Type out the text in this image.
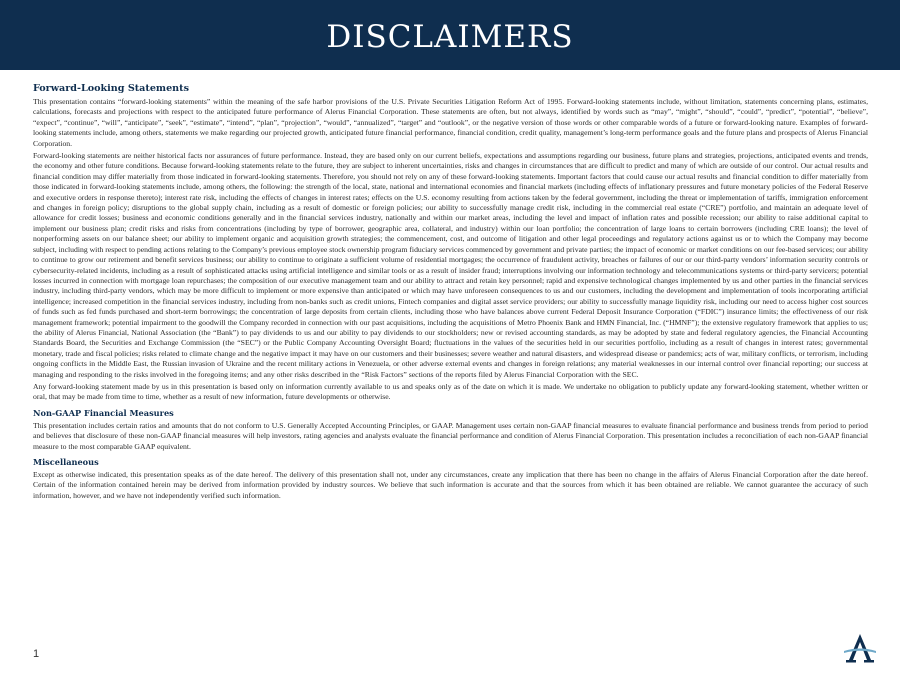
DISCLAIMERS
Forward-Looking Statements

This presentation contains “forward-looking statements” within the meaning of the safe harbor provisions of the U.S. Private Securities Litigation Reform Act of 1995. Forward-looking statements include, without limitation, statements concerning plans, estimates, calculations, forecasts and projections with respect to the anticipated future performance of Alerus Financial Corporation. These statements are often, but not always, identified by words such as “may”, “might”, “should”, “could”, “predict”, “potential”, “believe”, “expect”, “continue”, “will”, “anticipate”, “seek”, “estimate”, “intend”, “plan”, “projection”, “would”, “annualized”, “target” and “outlook”, or the negative version of those words or other comparable words of a future or forward-looking nature. Examples of forward-looking statements include, among others, statements we make regarding our projected growth, anticipated future financial performance, financial condition, credit quality, management’s long-term performance goals and the future plans and prospects of Alerus Financial Corporation.

Forward-looking statements are neither historical facts nor assurances of future performance. Instead, they are based only on our current beliefs, expectations and assumptions regarding our business, future plans and strategies, projections, anticipated events and trends, the economy and other future conditions. Because forward-looking statements relate to the future, they are subject to inherent uncertainties, risks and changes in circumstances that are difficult to predict and many of which are outside of our control. Our actual results and financial condition may differ materially from those indicated in forward-looking statements. Therefore, you should not rely on any of these forward-looking statements. Important factors that could cause our actual results and financial condition to differ materially from those indicated in forward-looking statements include, among others, the following: the strength of the local, state, national and international economies and financial markets (including effects of inflationary pressures and future monetary policies of the Federal Reserve and executive orders in response thereto); interest rate risk, including the effects of changes in interest rates; effects on the U.S. economy resulting from actions taken by the federal government, including the threat or implementation of tariffs, immigration enforcement and changes in foreign policy; disruptions to the global supply chain, including as a result of domestic or foreign policies; our ability to successfully manage credit risk, including in the commercial real estate (“CRE”) portfolio, and maintain an adequate level of allowance for credit losses; business and economic conditions generally and in the financial services industry, nationally and within our market areas, including the level and impact of inflation rates and possible recession; our ability to raise additional capital to implement our business plan; credit risks and risks from concentrations (including by type of borrower, geographic area, collateral, and industry) within our loan portfolio; the concentration of large loans to certain borrowers (including CRE loans); the level of nonperforming assets on our balance sheet; our ability to implement organic and acquisition growth strategies; the commencement, cost, and outcome of litigation and other legal proceedings and regulatory actions against us or to which the Company may become subject, including with respect to pending actions relating to the Company’s previous employee stock ownership program fiduciary services commenced by government and private parties; the impact of economic or market conditions on our fee-based services; our ability to continue to grow our retirement and benefit services business; our ability to continue to originate a sufficient volume of residential mortgages; the occurrence of fraudulent activity, breaches or failures of our or our third-party vendors’ information security controls or cybersecurity-related incidents, including as a result of sophisticated attacks using artificial intelligence and similar tools or as a result of insider fraud; interruptions involving our information technology and telecommunications systems or third-party servicers; potential losses incurred in connection with mortgage loan repurchases; the composition of our executive management team and our ability to attract and retain key personnel; rapid and expensive technological changes implemented by us and other parties in the financial services industry, including third-party vendors, which may be more difficult to implement or more expensive than anticipated or which may have unforeseen consequences to us and our customers, including the development and implementation of tools incorporating artificial intelligence; increased competition in the financial services industry, including from non-banks such as credit unions, Fintech companies and digital asset service providers; our ability to successfully manage liquidity risk, including our need to access higher cost sources of funds such as fed funds purchased and short-term borrowings; the concentration of large deposits from certain clients, including those who have balances above current Federal Deposit Insurance Corporation (“FDIC”) insurance limits; the effectiveness of our risk management framework; potential impairment to the goodwill the Company recorded in connection with our past acquisitions, including the acquisitions of Metro Phoenix Bank and HMN Financial, Inc. (“HMNF”); the extensive regulatory framework that applies to us; the ability of Alerus Financial, National Association (the “Bank”) to pay dividends to us and our ability to pay dividends to our stockholders; new or revised accounting standards, as may be adopted by state and federal regulatory agencies, the Financial Accounting Standards Board, the Securities and Exchange Commission (the “SEC”) or the Public Company Accounting Oversight Board; fluctuations in the values of the securities held in our securities portfolio, including as a result of changes in interest rates; governmental monetary, trade and fiscal policies; risks related to climate change and the negative impact it may have on our customers and their businesses; severe weather and natural disasters, and widespread disease or pandemics; acts of war, military conflicts, or terrorism, including ongoing conflicts in the Middle East, the Russian invasion of Ukraine and the recent military actions in Venezuela, or other adverse external events and changes in foreign relations; any material weaknesses in our internal control over financial reporting; our success at managing and responding to the risks involved in the foregoing items; and any other risks described in the “Risk Factors” sections of the reports filed by Alerus Financial Corporation with the SEC.

Any forward-looking statement made by us in this presentation is based only on information currently available to us and speaks only as of the date on which it is made. We undertake no obligation to publicly update any forward-looking statement, whether written or oral, that may be made from time to time, whether as a result of new information, future developments or otherwise.

Non-GAAP Financial Measures

This presentation includes certain ratios and amounts that do not conform to U.S. Generally Accepted Accounting Principles, or GAAP. Management uses certain non-GAAP financial measures to evaluate financial performance and business trends from period to period and believes that disclosure of these non-GAAP financial measures will help investors, rating agencies and analysts evaluate the financial performance and condition of Alerus Financial Corporation. This presentation includes a reconciliation of each non-GAAP financial measure to the most comparable GAAP equivalent.

Miscellaneous

Except as otherwise indicated, this presentation speaks as of the date hereof. The delivery of this presentation shall not, under any circumstances, create any implication that there has been no change in the affairs of Alerus Financial Corporation after the date hereof. Certain of the information contained herein may be derived from information provided by industry sources. We believe that such information is accurate and that the sources from which it has been obtained are reliable. We cannot guarantee the accuracy of such information, however, and we have not independently verified such information.

1
